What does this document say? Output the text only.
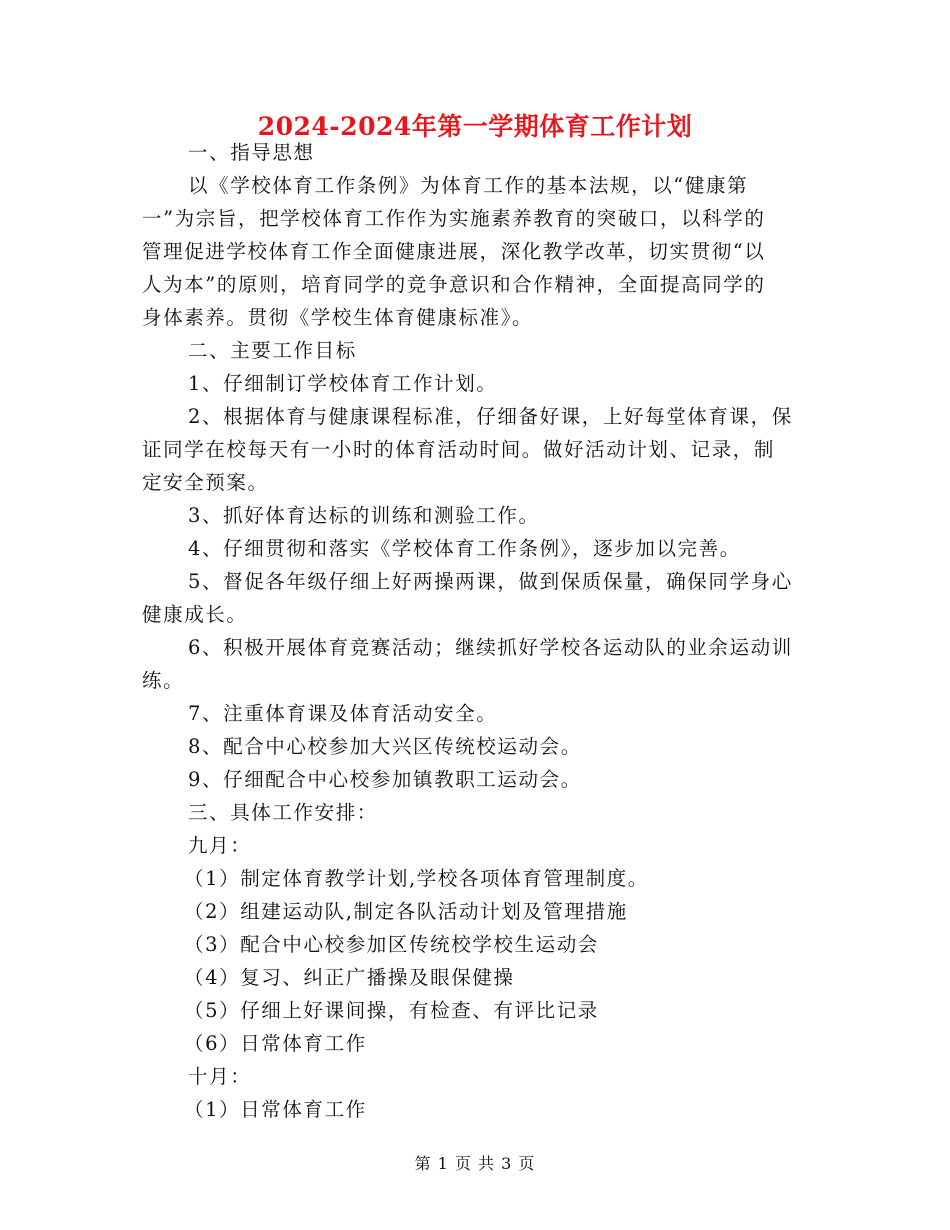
2024-2024年第一学期体育工作计划
一、指导思想
以《学校体育工作条例》为体育工作的基本法规，以“健康第
一”为宗旨，把学校体育工作作为实施素养教育的突破口，以科学的
管理促进学校体育工作全面健康进展，深化教学改革，切实贯彻“以
人为本”的原则，培育同学的竞争意识和合作精神，全面提高同学的
身体素养。贯彻《学校生体育健康标准》。
二、主要工作目标
1、仔细制订学校体育工作计划。
2、根据体育与健康课程标准，仔细备好课，上好每堂体育课，保
证同学在校每天有一小时的体育活动时间。做好活动计划、记录，制
定安全预案。
3、抓好体育达标的训练和测验工作。
4、仔细贯彻和落实《学校体育工作条例》，逐步加以完善。
5、督促各年级仔细上好两操两课，做到保质保量，确保同学身心
健康成长。
6、积极开展体育竞赛活动；继续抓好学校各运动队的业余运动训
练。
7、注重体育课及体育活动安全。
8、配合中心校参加大兴区传统校运动会。
9、仔细配合中心校参加镇教职工运动会。
三、具体工作安排：
九月：
（1）制定体育教学计划,学校各项体育管理制度。
（2）组建运动队,制定各队活动计划及管理措施
（3）配合中心校参加区传统校学校生运动会
（4）复习、纠正广播操及眼保健操
（5）仔细上好课间操，有检查、有评比记录
（6）日常体育工作
十月：
（1）日常体育工作
第 1 页 共 3 页
